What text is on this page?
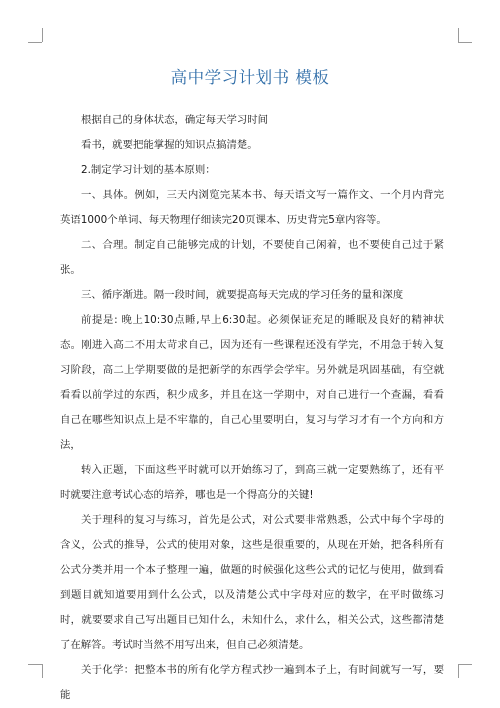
高中学习计划书 模板

根据自己的身体状态，确定每天学习时间

看书，就要把能掌握的知识点搞清楚。

2.制定学习计划的基本原则：

一、具体。例如，三天内浏览完某本书、每天语文写一篇作文、一个月内背完英语1000个单词、每天物理仔细读完20页课本、历史背完5章内容等。

二、合理。制定自己能够完成的计划，不要使自己闲着，也不要使自己过于紧张。

三、循序渐进。隔一段时间，就要提高每天完成的学习任务的量和深度

前提是: 晚上10:30点睡,早上6:30起。必须保证充足的睡眠及良好的精神状态。刚进入高二不用太苛求自己，因为还有一些课程还没有学完，不用急于转入复习阶段，高二上学期要做的是把新学的东西学会学牢。另外就是巩固基础，有空就看看以前学过的东西，积少成多，并且在这一学期中，对自己进行一个查漏，看看自己在哪些知识点上是不牢靠的，自己心里要明白，复习与学习才有一个方向和方法，

转入正题，下面这些平时就可以开始练习了，到高三就一定要熟练了，还有平时就要注意考试心态的培养，哪也是一个得高分的关键!

关于理科的复习与练习，首先是公式，对公式要非常熟悉，公式中每个字母的含义，公式的推导，公式的使用对象，这些是很重要的，从现在开始，把各科所有公式分类并用一个本子整理一遍，做题的时候强化这些公式的记忆与使用，做到看到题目就知道要用到什么公式，以及清楚公式中字母对应的数字，在平时做练习时，就要要求自己写出题目已知什么，未知什么，求什么，相关公式，这些都清楚了在解答。考试时当然不用写出来，但自己必须清楚。

关于化学：把整本书的所有化学方程式抄一遍到本子上，有时间就写一写，要能
